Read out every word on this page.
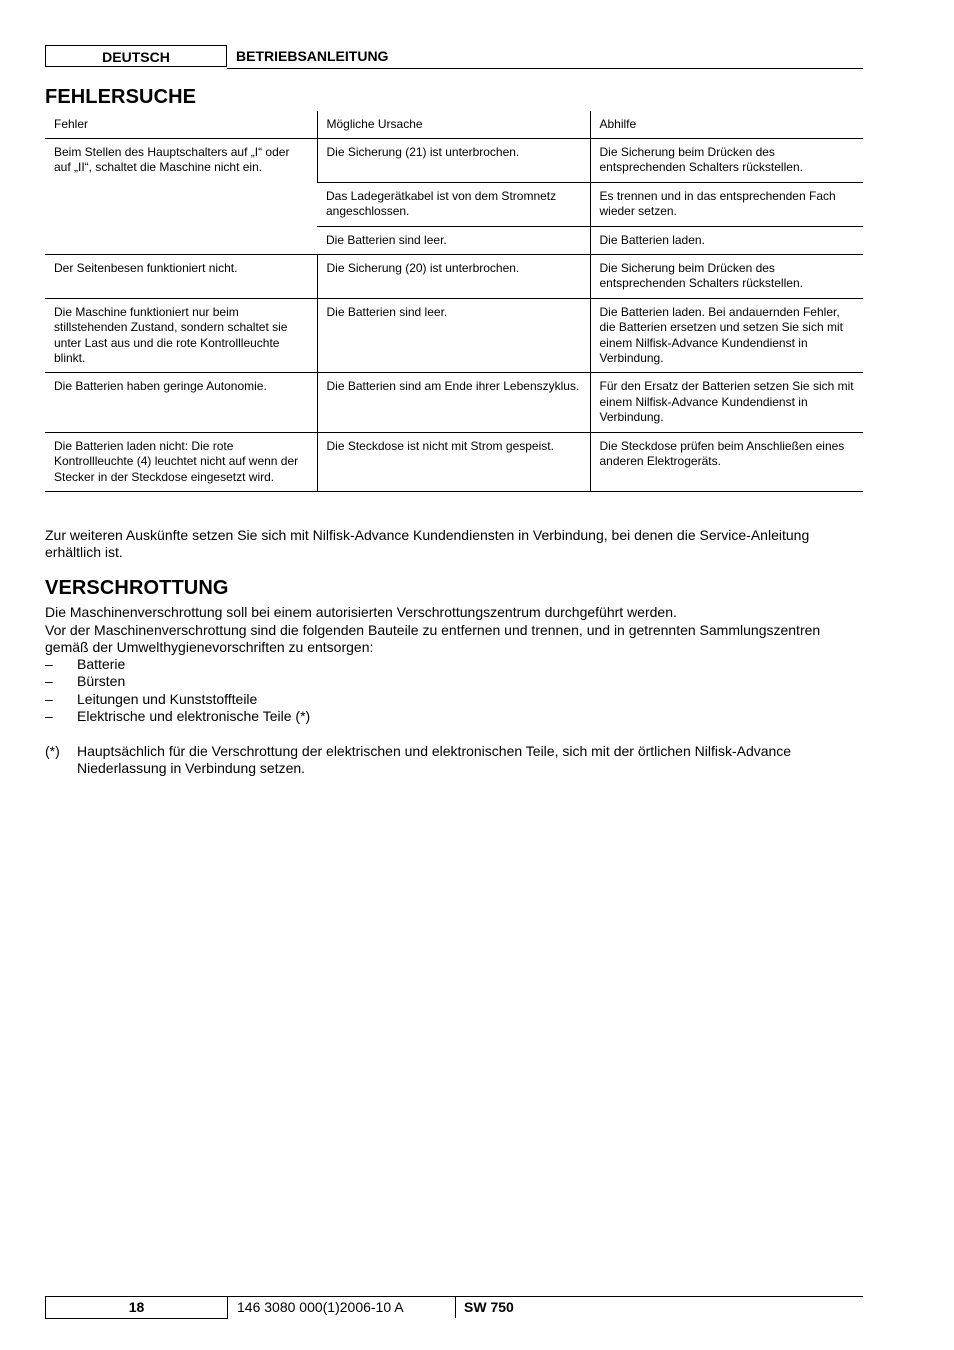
DEUTSCH	BETRIEBSANLEITUNG
FEHLERSUCHE
Fehler	Mögliche Ursache	Abhilfe
Beim Stellen des Hauptschalters auf „I“ oder auf „II“, schaltet die Maschine nicht ein.	Die Sicherung (21) ist unterbrochen.	Die Sicherung beim Drücken des entsprechenden Schalters rückstellen.
	Das Ladegerätkabel ist von dem Stromnetz angeschlossen.	Es trennen und in das entsprechenden Fach wieder setzen.
	Die Batterien sind leer.	Die Batterien laden.
Der Seitenbesen funktioniert nicht.	Die Sicherung (20) ist unterbrochen.	Die Sicherung beim Drücken des entsprechenden Schalters rückstellen.
Die Maschine funktioniert nur beim stillstehenden Zustand, sondern schaltet sie unter Last aus und die rote Kontrollleuchte blinkt.	Die Batterien sind leer.	Die Batterien laden. Bei andauernden Fehler, die Batterien ersetzen und setzen Sie sich mit einem Nilfisk-Advance Kundendienst in Verbindung.
Die Batterien haben geringe Autonomie.	Die Batterien sind am Ende ihrer Lebenszyklus.	Für den Ersatz der Batterien setzen Sie sich mit einem Nilfisk-Advance Kundendienst in Verbindung.
Die Batterien laden nicht: Die rote Kontrollleuchte (4) leuchtet nicht auf wenn der Stecker in der Steckdose eingesetzt wird.	Die Steckdose ist nicht mit Strom gespeist.	Die Steckdose prüfen beim Anschließen eines anderen Elektrogeräts.

Zur weiteren Auskünfte setzen Sie sich mit Nilfisk-Advance Kundendiensten in Verbindung, bei denen die Service-Anleitung erhältlich ist.

VERSCHROTTUNG

Die Maschinenverschrottung soll bei einem autorisierten Verschrottungszentrum durchgeführt werden.

Vor der Maschinenverschrottung sind die folgenden Bauteile zu entfernen und trennen, und in getrennten Sammlungszentren gemäß der Umwelthygienevorschriften zu entsorgen:

– Batterie
– Bürsten
– Leitungen und Kunststoffteile
– Elektrische und elektronische Teile (*)
(*) Hauptsächlich für die Verschrottung der elektrischen und elektronischen Teile, sich mit der örtlichen Nilfisk-Advance Niederlassung in Verbindung setzen.
18	146 3080 000(1)2006-10 A	SW 750
